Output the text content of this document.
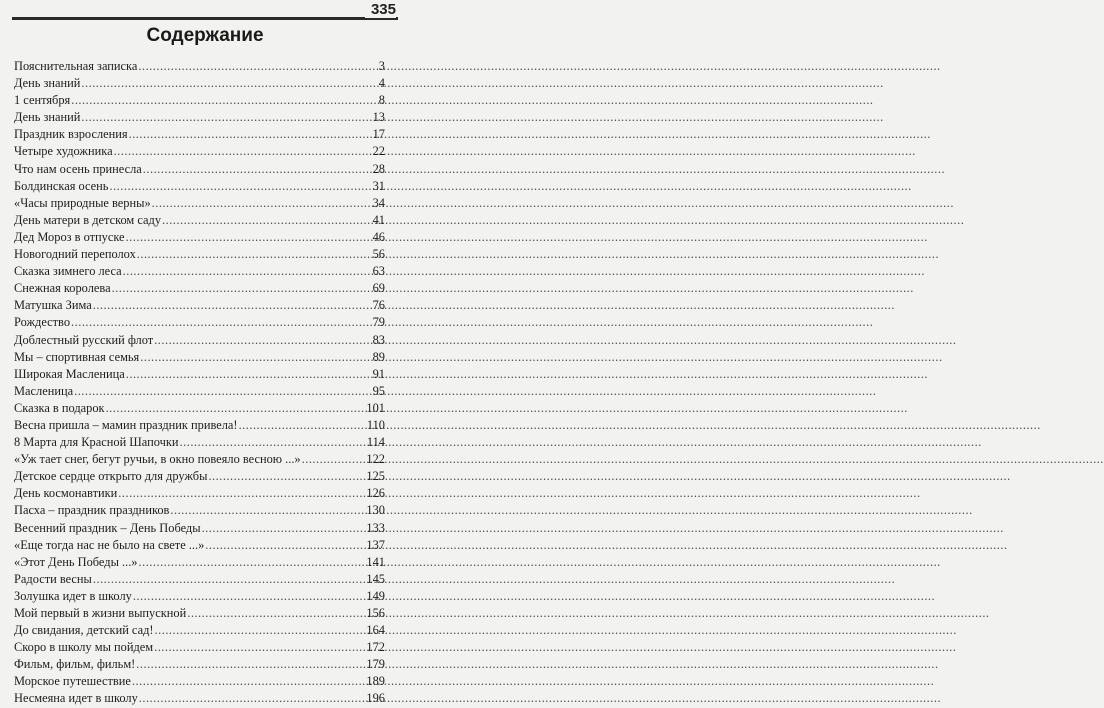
335
Содержание
Пояснительная записка .....	3
День знаний .....	4
1 сентября .....	8
День знаний .....	13
Праздник взросления .....	17
Четыре художника .....	22
Что нам осень принесла .....	28
Болдинская осень .....	31
«Часы природные верны» .....	34
День матери в детском саду .....	41
Дед Мороз в отпуске .....	46
Новогодний переполох .....	56
Сказка зимнего леса .....	63
Снежная королева .....	69
Матушка Зима .....	76
Рождество .....	79
Доблестный русский флот .....	83
Мы – спортивная семья .....	89
Широкая Масленица .....	91
Масленица .....	95
Сказка в подарок .....	101
Весна пришла – мамин праздник привела! .....	110
8 Марта для Красной Шапочки .....	114
«Уж тает снег, бегут ручьи, в окно повеяло весною ...» .....	122
Детское сердце открыто для дружбы .....	125
День космонавтики .....	126
Пасха – праздник праздников .....	130
Весенний праздник – День Победы .....	133
«Еще тогда нас не было на свете ...» .....	137
«Этот День Победы ...» .....	141
Радости весны .....	145
Золушка идет в школу .....	149
Мой первый в жизни выпускной .....	156
До свидания, детский сад! .....	164
Скоро в школу мы пойдем .....	172
Фильм, фильм, фильм! .....	179
Морское путешествие .....	189
Несмеяна идет в школу .....	196
